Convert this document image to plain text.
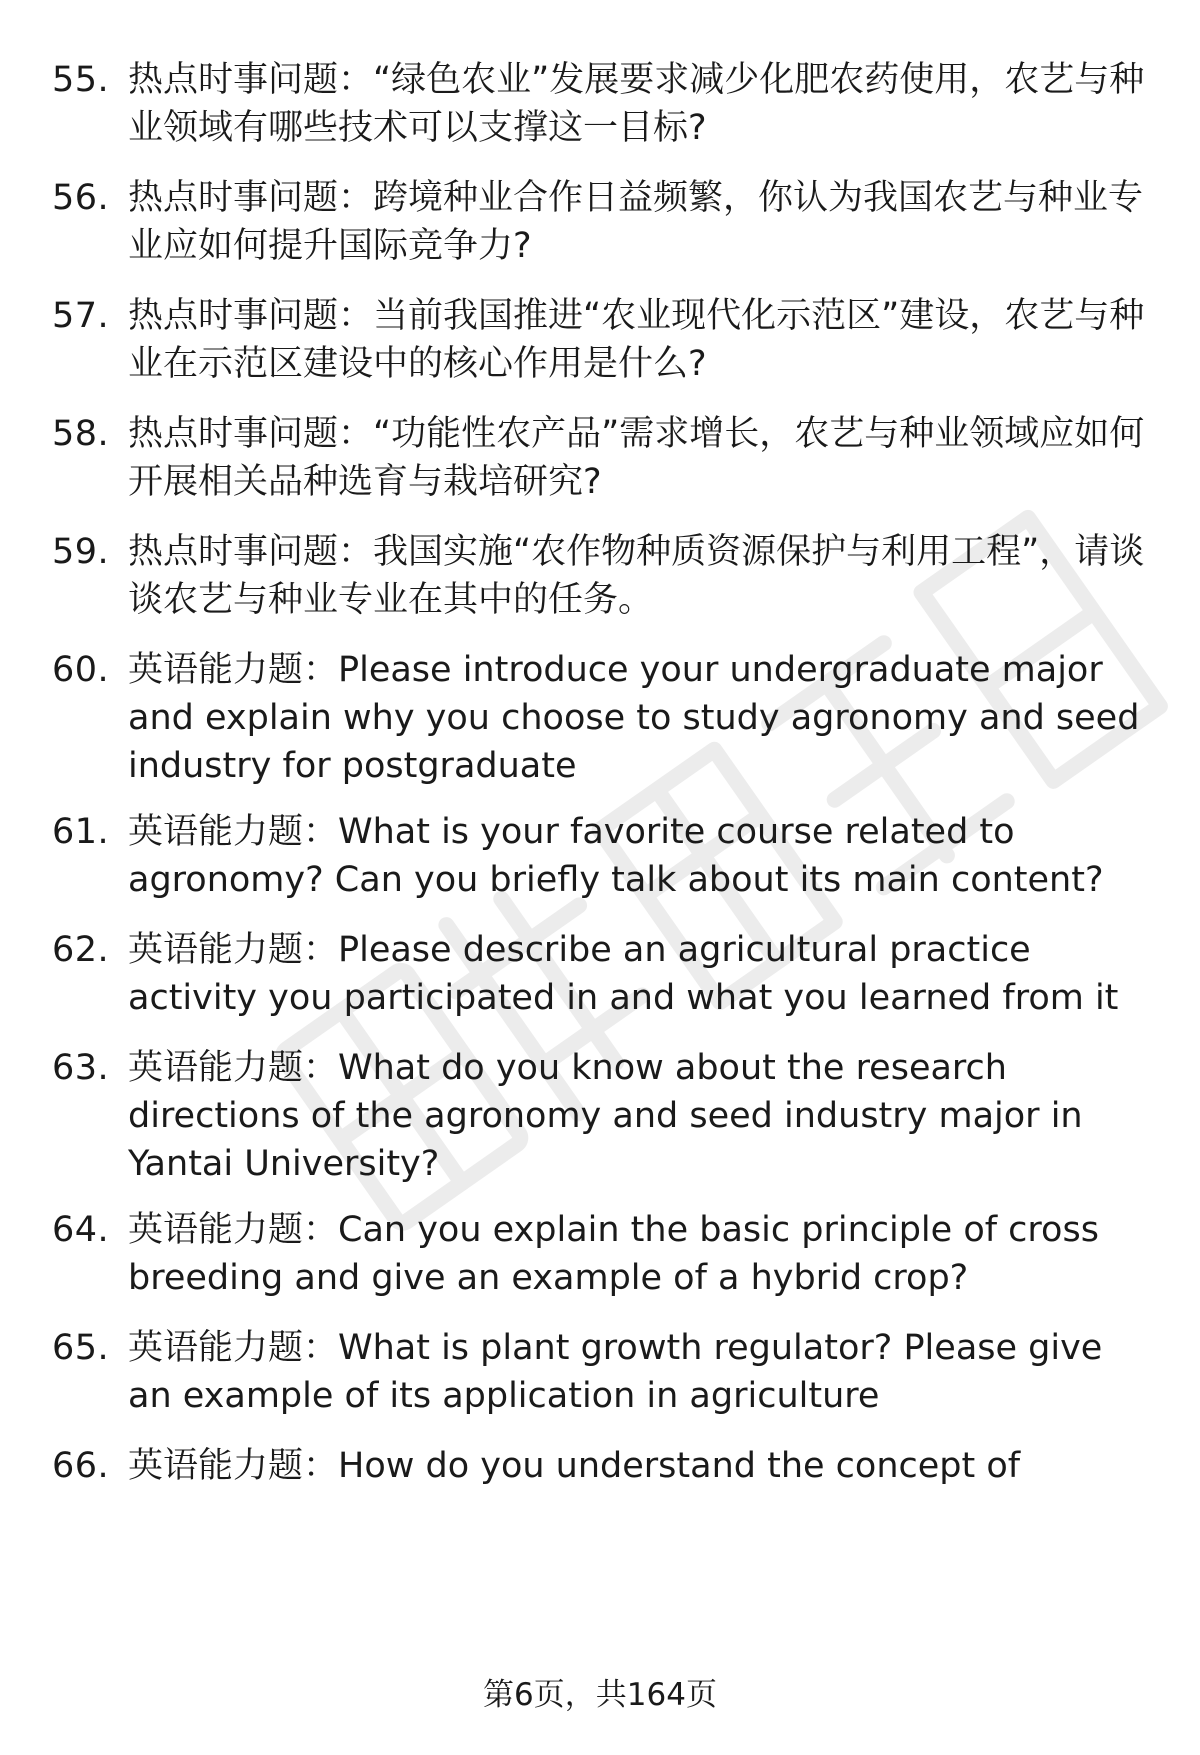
55. 热点时事问题：“绿色农业”发展要求减少化肥农药使用，农艺与种业领域有哪些技术可以支撑这一目标?
56. 热点时事问题：跨境种业合作日益频繁，你认为我国农艺与种业专业应如何提升国际竞争力?
57. 热点时事问题：当前我国推进“农业现代化示范区”建设，农艺与种业在示范区建设中的核心作用是什么?
58. 热点时事问题：“功能性农产品”需求增长，农艺与种业领域应如何开展相关品种选育与栽培研究?
59. 热点时事问题：我国实施“农作物种质资源保护与利用工程”，请谈谈农艺与种业专业在其中的任务。
60. 英语能力题：Please introduce your undergraduate major and explain why you choose to study agronomy and seed industry for postgraduate
61. 英语能力题：What is your favorite course related to agronomy? Can you briefly talk about its main content?
62. 英语能力题：Please describe an agricultural practice activity you participated in and what you learned from it
63. 英语能力题：What do you know about the research directions of the agronomy and seed industry major in Yantai University?
64. 英语能力题：Can you explain the basic principle of cross breeding and give an example of a hybrid crop?
65. 英语能力题：What is plant growth regulator? Please give an example of its application in agriculture
66. 英语能力题：How do you understand the concept of
第6页，共164页
